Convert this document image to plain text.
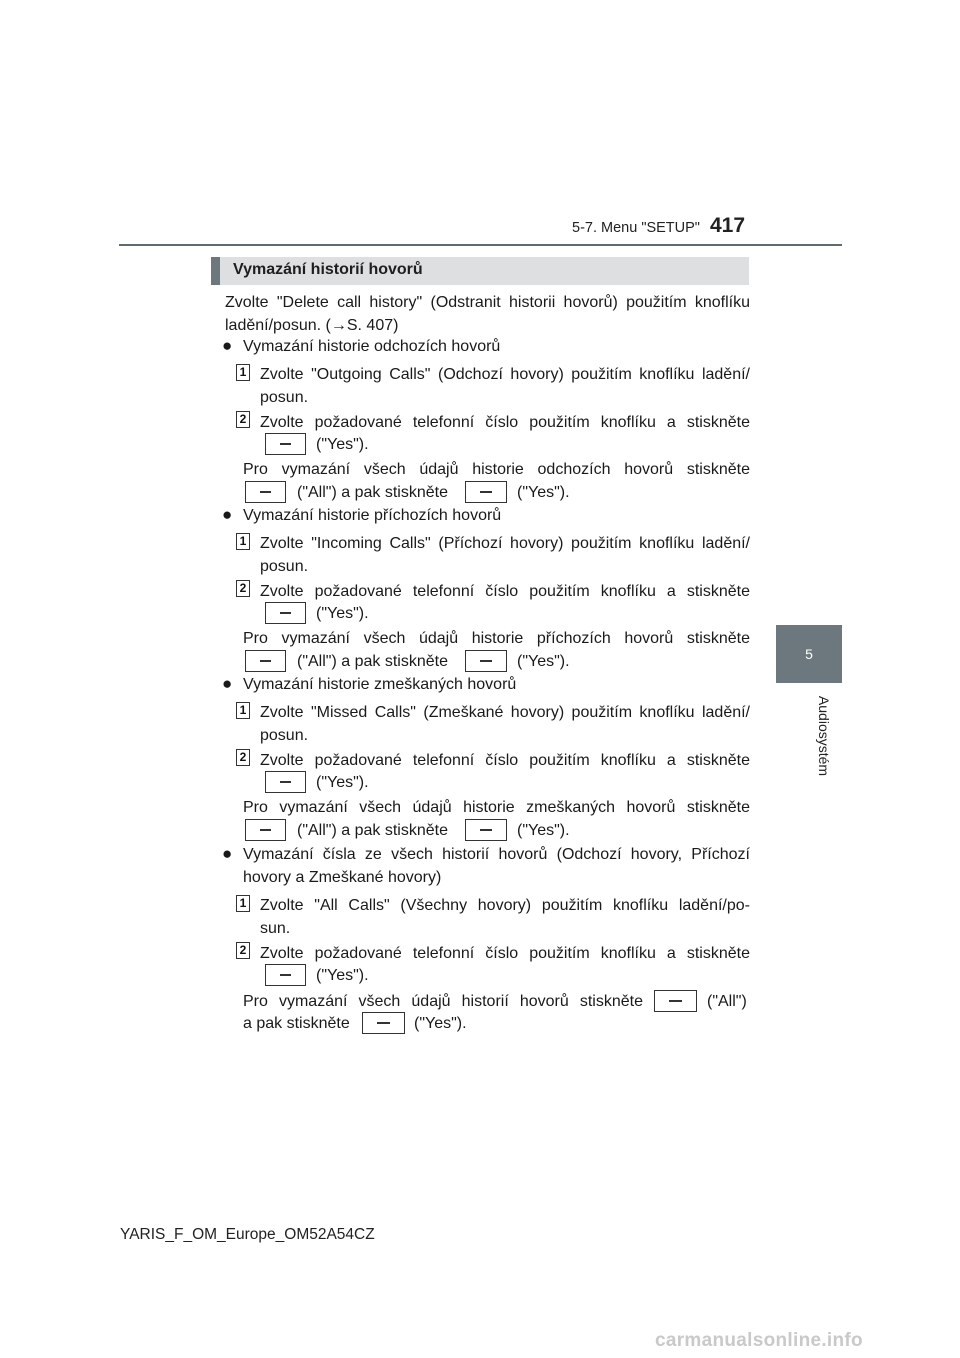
5-7. Menu "SETUP" 417
5
Audiosystém
Vymazání historií hovorů
Zvolte "Delete call history" (Odstranit historii hovorů) použitím knoflíku
ladění/posun. (→S. 407)
● Vymazání historie odchozích hovorů
1 Zvolte "Outgoing Calls" (Odchozí hovory) použitím knoflíku ladění/
posun.
2 Zvolte požadované telefonní číslo použitím knoflíku a stiskněte
("Yes").
Pro vymazání všech údajů historie odchozích hovorů stiskněte
("All") a pak stiskněte	("Yes").
● Vymazání historie příchozích hovorů
1 Zvolte "Incoming Calls" (Příchozí hovory) použitím knoflíku ladění/
posun.
2 Zvolte požadované telefonní číslo použitím knoflíku a stiskněte
("Yes").
Pro vymazání všech údajů historie příchozích hovorů stiskněte
("All") a pak stiskněte	("Yes").
● Vymazání historie zmeškaných hovorů
1 Zvolte "Missed Calls" (Zmeškané hovory) použitím knoflíku ladění/
posun.
2 Zvolte požadované telefonní číslo použitím knoflíku a stiskněte
("Yes").
Pro vymazání všech údajů historie zmeškaných hovorů stiskněte
("All") a pak stiskněte	("Yes").
● Vymazání čísla ze všech historií hovorů (Odchozí hovory, Příchozí
hovory a Zmeškané hovory)
1 Zvolte "All Calls" (Všechny hovory) použitím knoflíku ladění/po-
sun.
2 Zvolte požadované telefonní číslo použitím knoflíku a stiskněte
("Yes").
Pro vymazání všech údajů historií hovorů stiskněte	("All")
a pak stiskněte	("Yes").
YARIS_F_OM_Europe_OM52A54CZ
carmanualsonline.info
